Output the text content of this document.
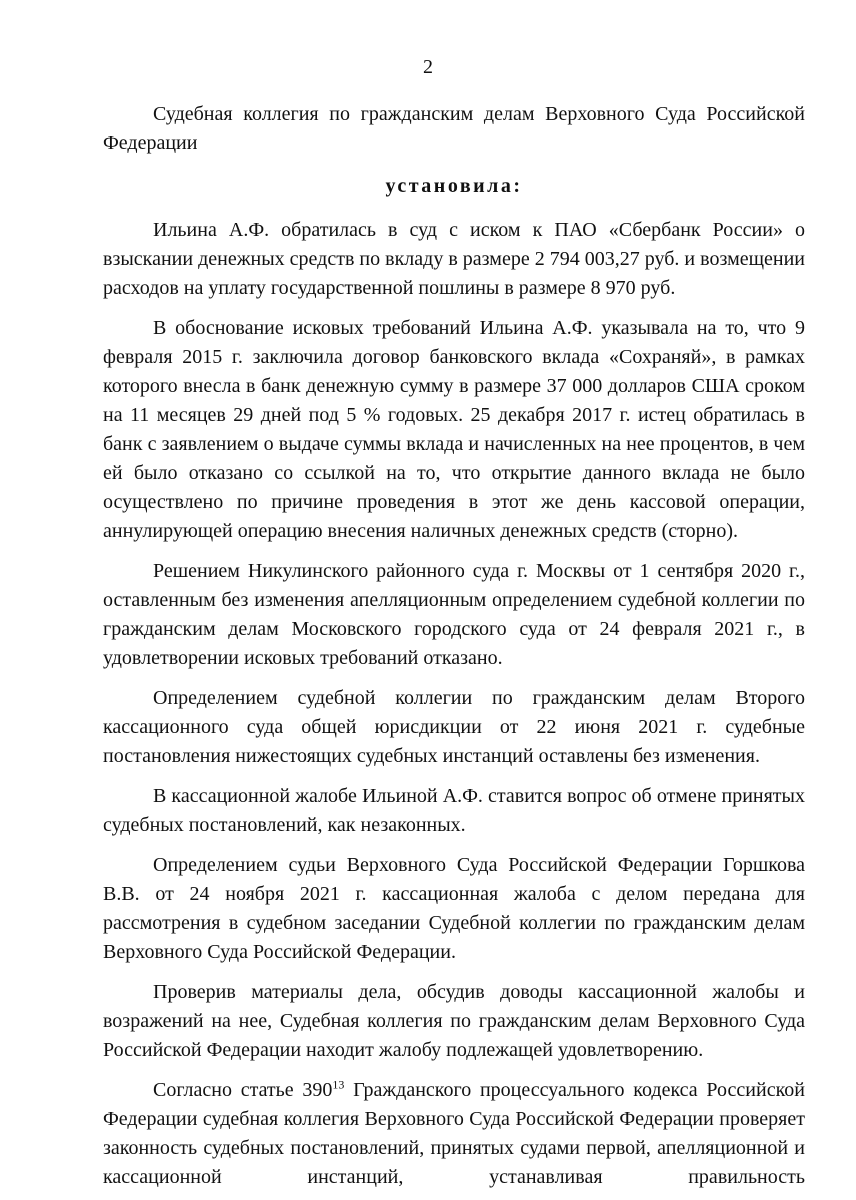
2

Судебная коллегия по гражданским делам Верховного Суда Российской Федерации

установила:

Ильина А.Ф. обратилась в суд с иском к ПАО «Сбербанк России» о взыскании денежных средств по вкладу в размере 2 794 003,27 руб. и возмещении расходов на уплату государственной пошлины в размере 8 970 руб.

В обоснование исковых требований Ильина А.Ф. указывала на то, что 9 февраля 2015 г. заключила договор банковского вклада «Сохраняй», в рамках которого внесла в банк денежную сумму в размере 37 000 долларов США сроком на 11 месяцев 29 дней под 5 % годовых. 25 декабря 2017 г. истец обратилась в банк с заявлением о выдаче суммы вклада и начисленных на нее процентов, в чем ей было отказано со ссылкой на то, что открытие данного вклада не было осуществлено по причине проведения в этот же день кассовой операции, аннулирующей операцию внесения наличных денежных средств (сторно).

Решением Никулинского районного суда г. Москвы от 1 сентября 2020 г., оставленным без изменения апелляционным определением судебной коллегии по гражданским делам Московского городского суда от 24 февраля 2021 г., в удовлетворении исковых требований отказано.

Определением судебной коллегии по гражданским делам Второго кассационного суда общей юрисдикции от 22 июня 2021 г. судебные постановления нижестоящих судебных инстанций оставлены без изменения.

В кассационной жалобе Ильиной А.Ф. ставится вопрос об отмене принятых судебных постановлений, как незаконных.

Определением судьи Верховного Суда Российской Федерации Горшкова В.В. от 24 ноября 2021 г. кассационная жалоба с делом передана для рассмотрения в судебном заседании Судебной коллегии по гражданским делам Верховного Суда Российской Федерации.

Проверив материалы дела, обсудив доводы кассационной жалобы и возражений на нее, Судебная коллегия по гражданским делам Верховного Суда Российской Федерации находит жалобу подлежащей удовлетворению.

Согласно статье $390^{13}$ Гражданского процессуального кодекса Российской Федерации судебная коллегия Верховного Суда Российской Федерации проверяет законность судебных постановлений, принятых судами первой, апелляционной и кассационной инстанций, устанавливая правильность
